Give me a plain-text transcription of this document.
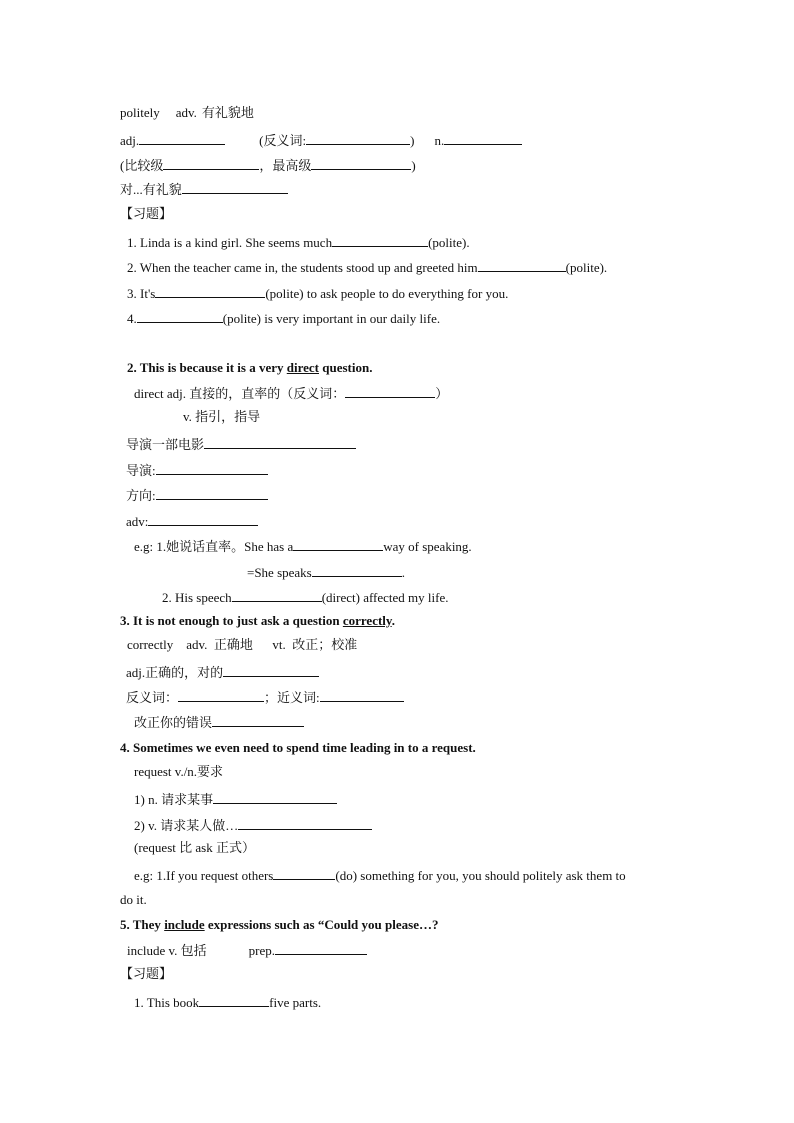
politely adv. 有礼貌地
adj.	(反义词:	) n.
(比较级	，最高级	)
对...有礼貌
【习题】
1. Linda is a kind girl. She seems much	(polite).
2. When the teacher came in, the students stood up and greeted him	(polite).
3. It's	(polite) to ask people to do everything for you.
4.	(polite) is very important in our daily life.
2. This is because it is a very direct question.
direct adj. 直接的，直率的（反义词：	）
v. 指引，指导
导演一部电影
导演:
方向:
adv:
e.g: 1.她说话直率。She has a	way of speaking.
=She speaks	.
2. His speech	(direct) affected my life.
3. It is not enough to just ask a question correctly.
correctly    adv.  正确地      vt.  改正；校准
adj.正确的，对的
反义词：	；近义词:
改正你的错误
4. Sometimes we even need to spend time leading in to a request.
request v./n.要求
1) n. 请求某事
2) v. 请求某人做…
(request 比 ask 正式）
e.g: 1.If you request others	(do) something for you, you should politely ask them to
do it.
5. They include expressions such as “Could you please…?
include v. 包括	prep.
【习题】
1. This book	five parts.
